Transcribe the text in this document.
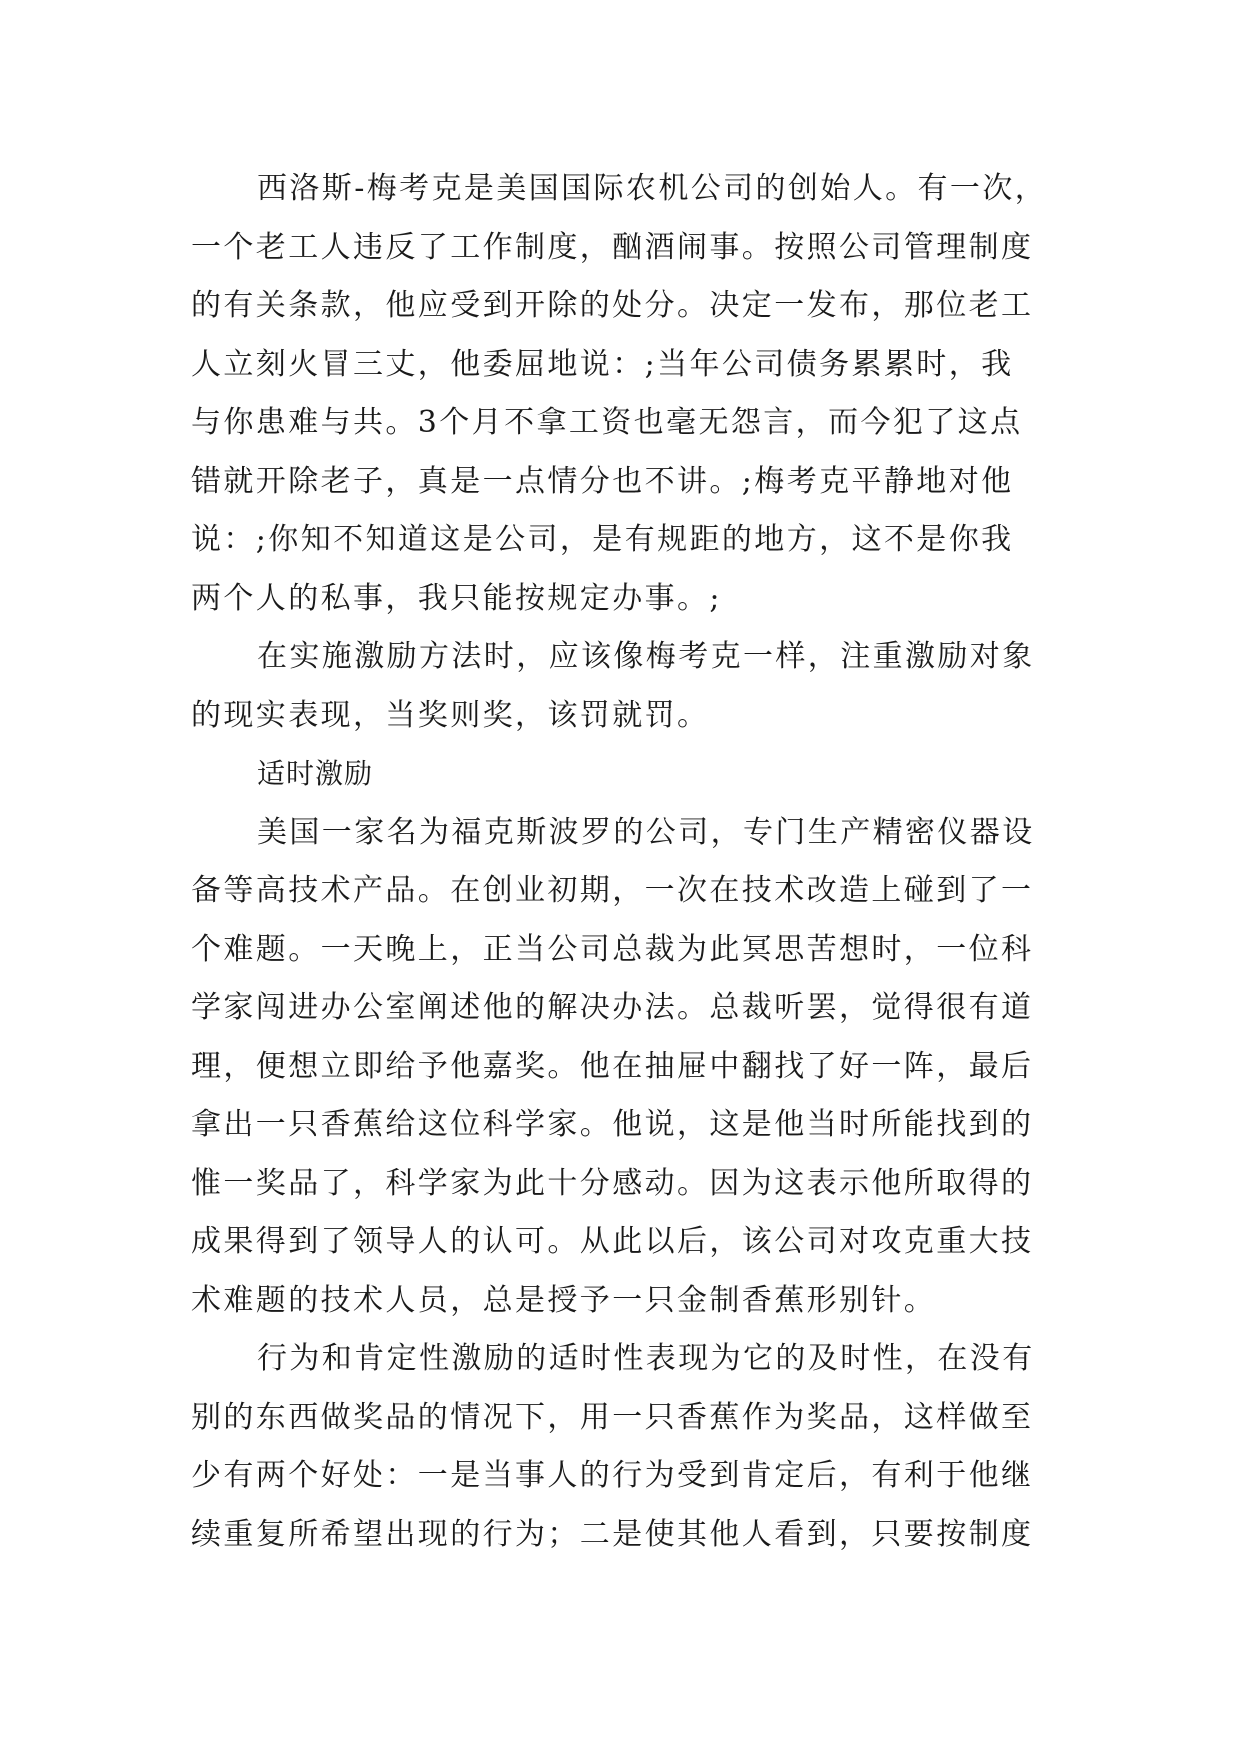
西洛斯-梅考克是美国国际农机公司的创始人。有一次，
一个老工人违反了工作制度，酗酒闹事。按照公司管理制度
的有关条款，他应受到开除的处分。决定一发布，那位老工
人立刻火冒三丈，他委屈地说：;当年公司债务累累时，我
与你患难与共。3个月不拿工资也毫无怨言，而今犯了这点
错就开除老子，真是一点情分也不讲。;梅考克平静地对他
说：;你知不知道这是公司，是有规距的地方，这不是你我
两个人的私事，我只能按规定办事。;
在实施激励方法时，应该像梅考克一样，注重激励对象
的现实表现，当奖则奖，该罚就罚。
适时激励
美国一家名为福克斯波罗的公司，专门生产精密仪器设
备等高技术产品。在创业初期，一次在技术改造上碰到了一
个难题。一天晚上，正当公司总裁为此冥思苦想时，一位科
学家闯进办公室阐述他的解决办法。总裁听罢，觉得很有道
理，便想立即给予他嘉奖。他在抽屉中翻找了好一阵，最后
拿出一只香蕉给这位科学家。他说，这是他当时所能找到的
惟一奖品了，科学家为此十分感动。因为这表示他所取得的
成果得到了领导人的认可。从此以后，该公司对攻克重大技
术难题的技术人员，总是授予一只金制香蕉形别针。
行为和肯定性激励的适时性表现为它的及时性，在没有
别的东西做奖品的情况下，用一只香蕉作为奖品，这样做至
少有两个好处：一是当事人的行为受到肯定后，有利于他继
续重复所希望出现的行为；二是使其他人看到，只要按制度
